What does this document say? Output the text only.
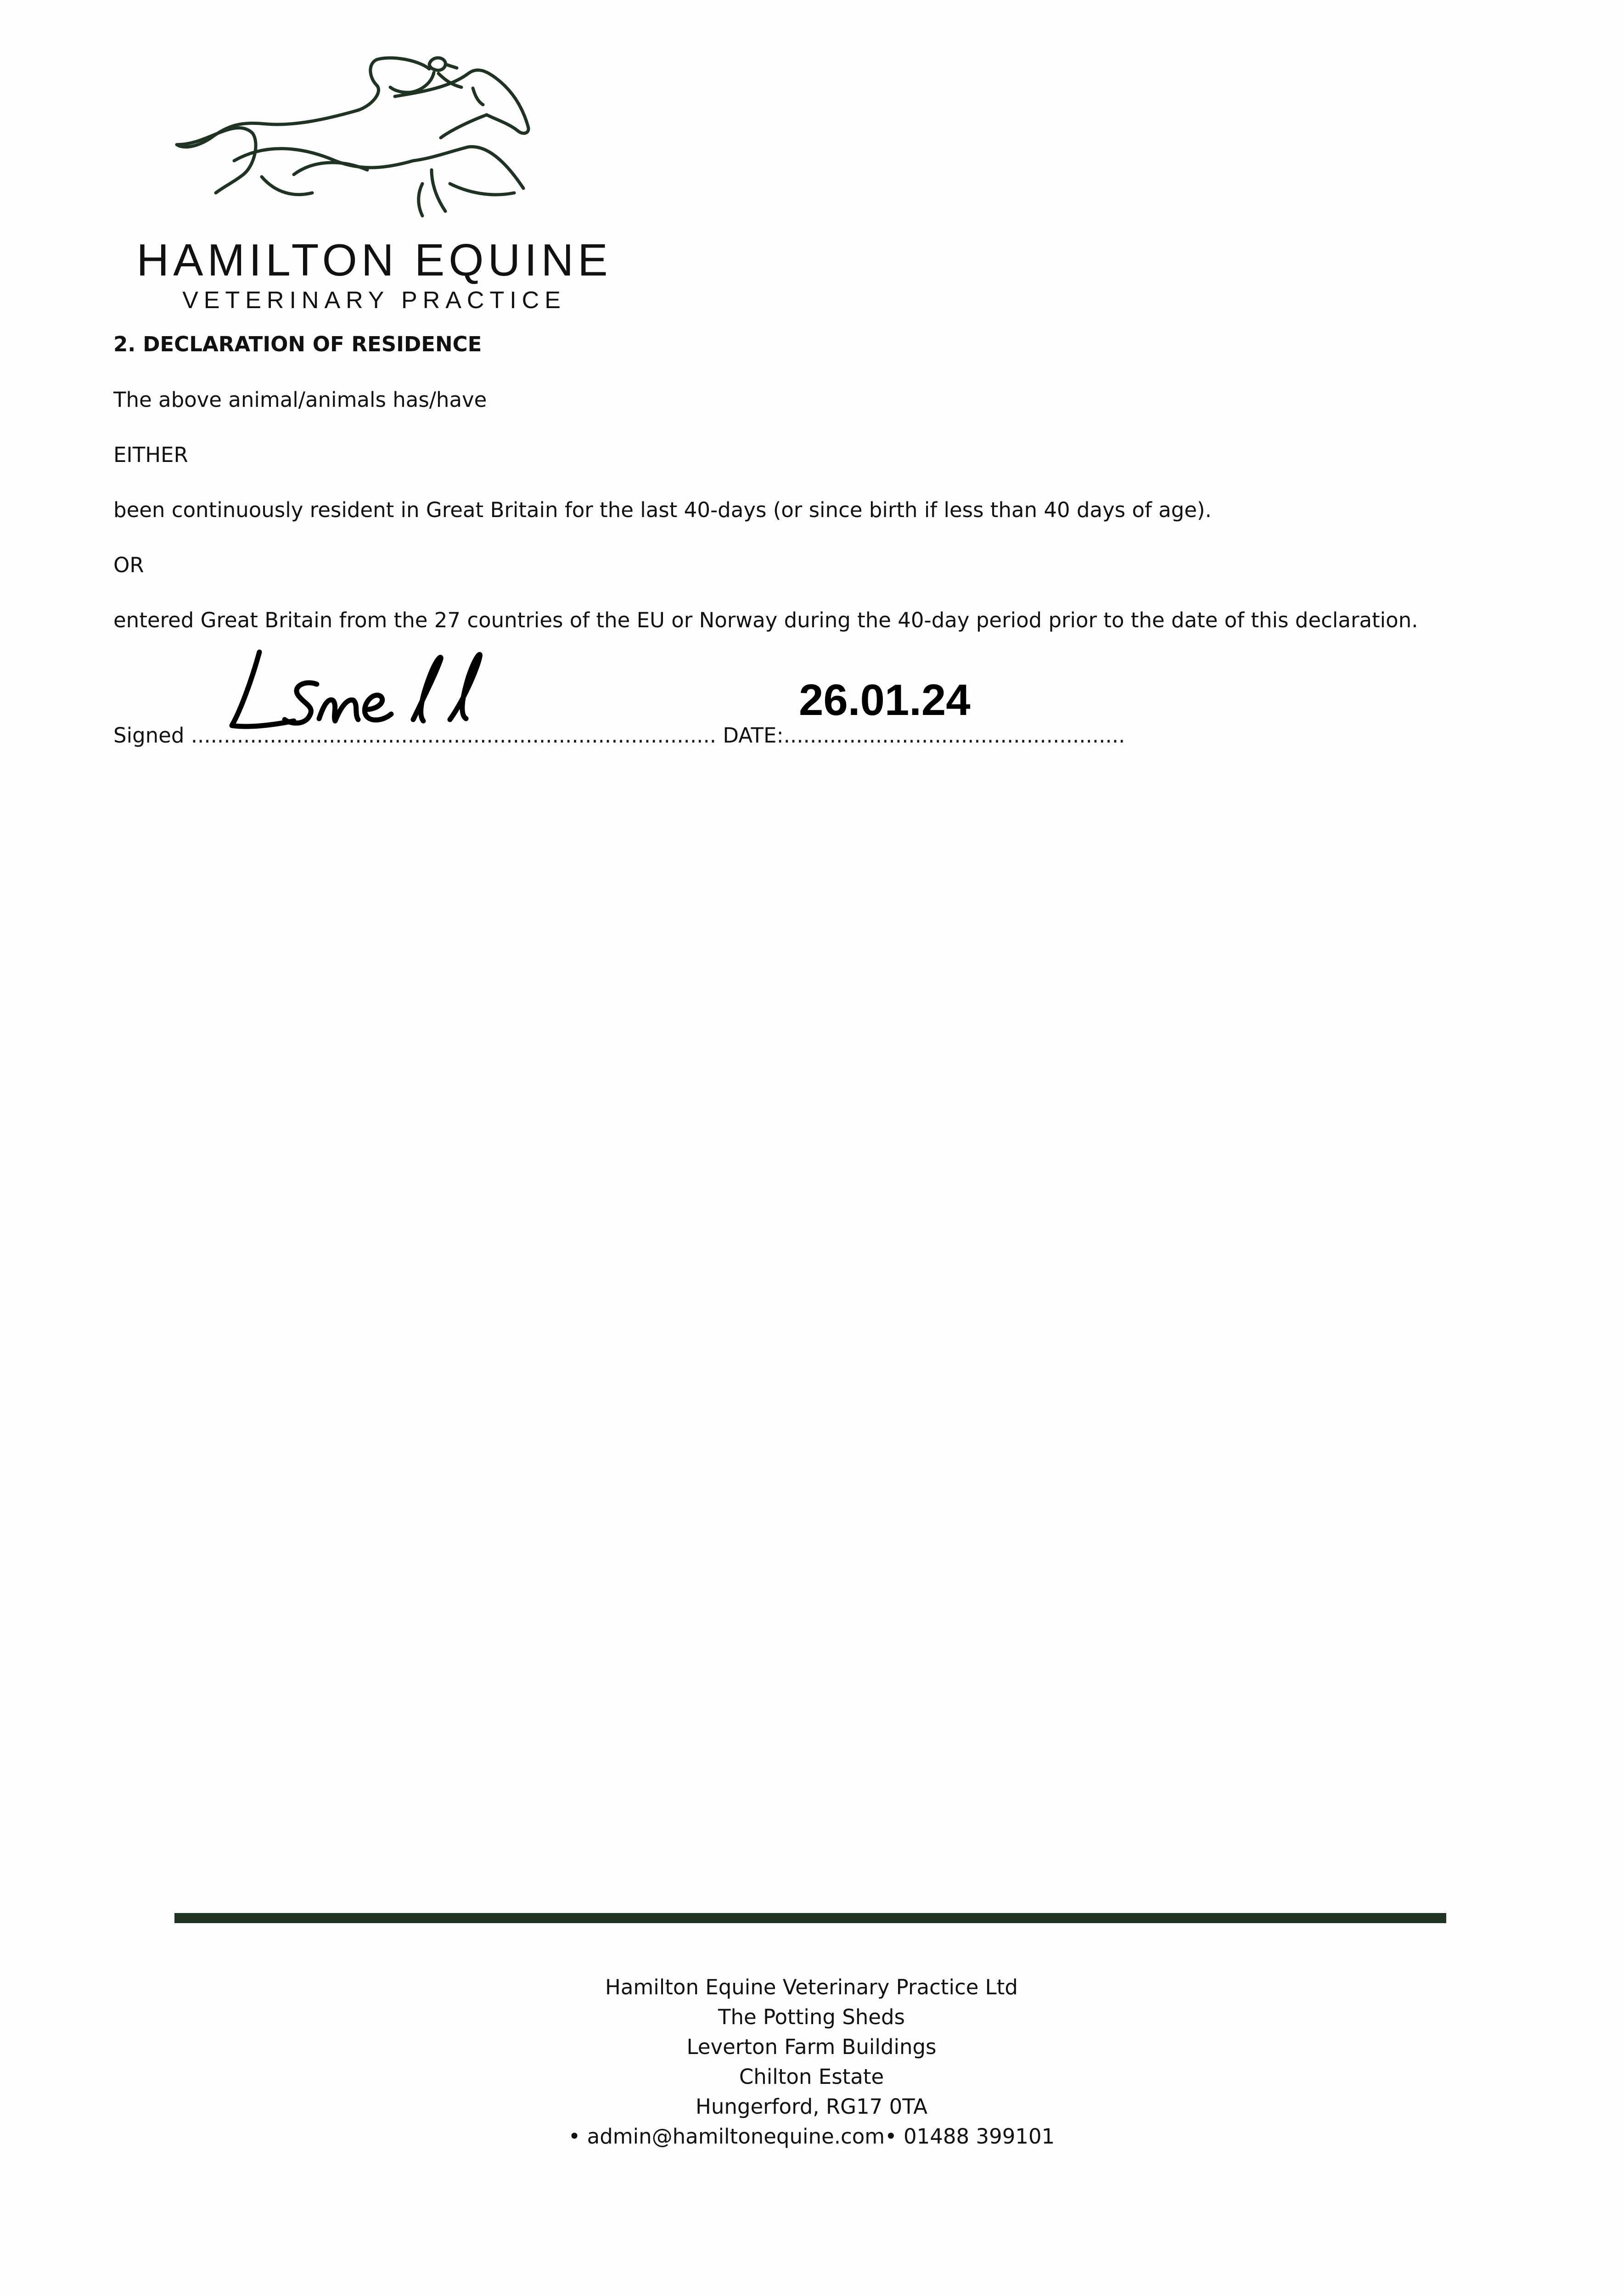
HAMILTON EQUINE
VETERINARY PRACTICE
2. DECLARATION OF RESIDENCE
The above animal/animals has/have
EITHER
been continuously resident in Great Britain for the last 40-days (or since birth if less than 40 days of age).
OR
entered Great Britain from the 27 countries of the EU or Norway during the 40-day period prior to the date of this declaration.
Signed ................................................................................ DATE:....................................................
26.01.24
Hamilton Equine Veterinary Practice Ltd
The Potting Sheds
Leverton Farm Buildings
Chilton Estate
Hungerford, RG17 0TA
• admin@hamiltonequine.com• 01488 399101
